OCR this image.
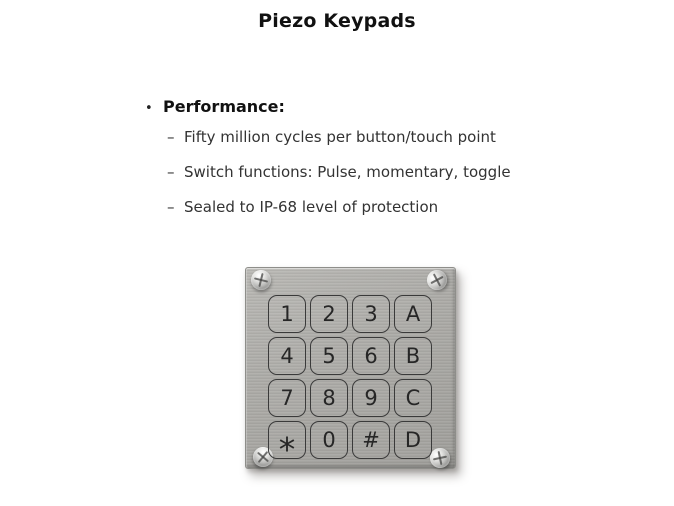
Piezo Keypads
• Performance:
– Fifty million cycles per button/touch point
– Switch functions: Pulse, momentary, toggle
– Sealed to IP-68 level of protection
1 2 3 A
4 5 6 B
7 8 9 C
* 0 # D
